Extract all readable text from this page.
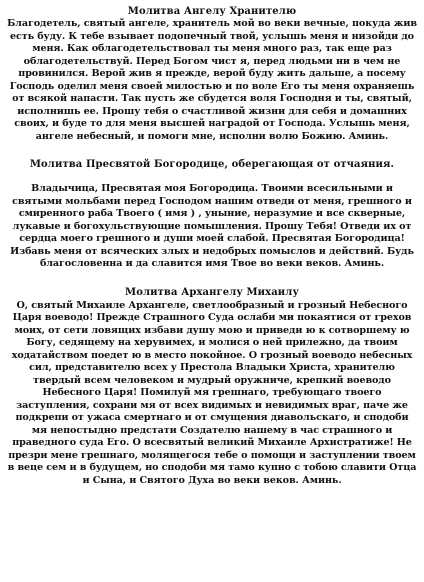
Молитва Ангелу Хранителю

Благодетель, святый ангеле, хранитель мой во веки вечные, покуда жив есть буду. К тебе взывает подопечный твой, услышь меня и низойди до меня. Как облагодетельствовал ты меня много раз, так еще раз облагодетельствуй. Перед Богом чист я, перед людьми ни в чем не провинился. Верой жив я прежде, верой буду жить дальше, а посему Господь оделил меня своей милостью и по воле Его ты меня охраняешь от всякой напасти. Так пусть же сбудется воля Господня и ты, святый, исполнишь ее. Прошу тебя о счастливой жизни для себя и домашних своих, и буде то для меня высшей наградой от Господа. Услышь меня, ангеле небесный, и помоги мне, исполни волю Божию. Аминь.

Молитва Пресвятой Богородице, оберегающая от отчаяния.

Владычица, Пресвятая моя Богородица. Твоими всесильными и святыми мольбами перед Господом нашим отведи от меня, грешного и смиренного раба Твоего ( имя ) , уныние, неразумие и все скверные, лукавые и богохульствующие помышления. Прошу Тебя! Отведи их от сердца моего грешного и души моей слабой. Пресвятая Богородица! Избавь меня от всяческих злых и недобрых помыслов и действий. Будь благословенна и да славится имя Твое во веки веков. Аминь.

Молитва Архангелу Михаилу

О, святый Михаиле Архангеле, светлообразный и грозный Небесного Царя воеводо! Прежде Страшного Суда ослаби ми покаятися от грехов моих, от сети ловящих избави душу мою и приведи ю к сотворшему ю Богу, седящему на херувимех, и молися о ней прилежно, да твоим ходатайством поедет ю в место покойное. О грозный воеводо небесных сил, представителю всех у Престола Владыки Христа, хранителю твердый всем человеком и мудрый оружниче, крепкий воеводо Небесного Царя! Помилуй мя грешнаго, требующаго твоего заступления, сохрани мя от всех видимых и невидимых враг, паче же подкрепи от ужаса смертнаго и от смущения диавольскаго, и сподоби мя непостыдно предстати Создателю нашему в час страшного и праведного суда Его. О всесвятый великий Михаиле Архистратиже! Не презри мене грешнаго, молящегося тебе о помощи и заступлении твоем в веце сем и в будущем, но сподоби мя тамо купно с тобою славити Отца и Сына, и Святого Духа во веки веков. Аминь.
